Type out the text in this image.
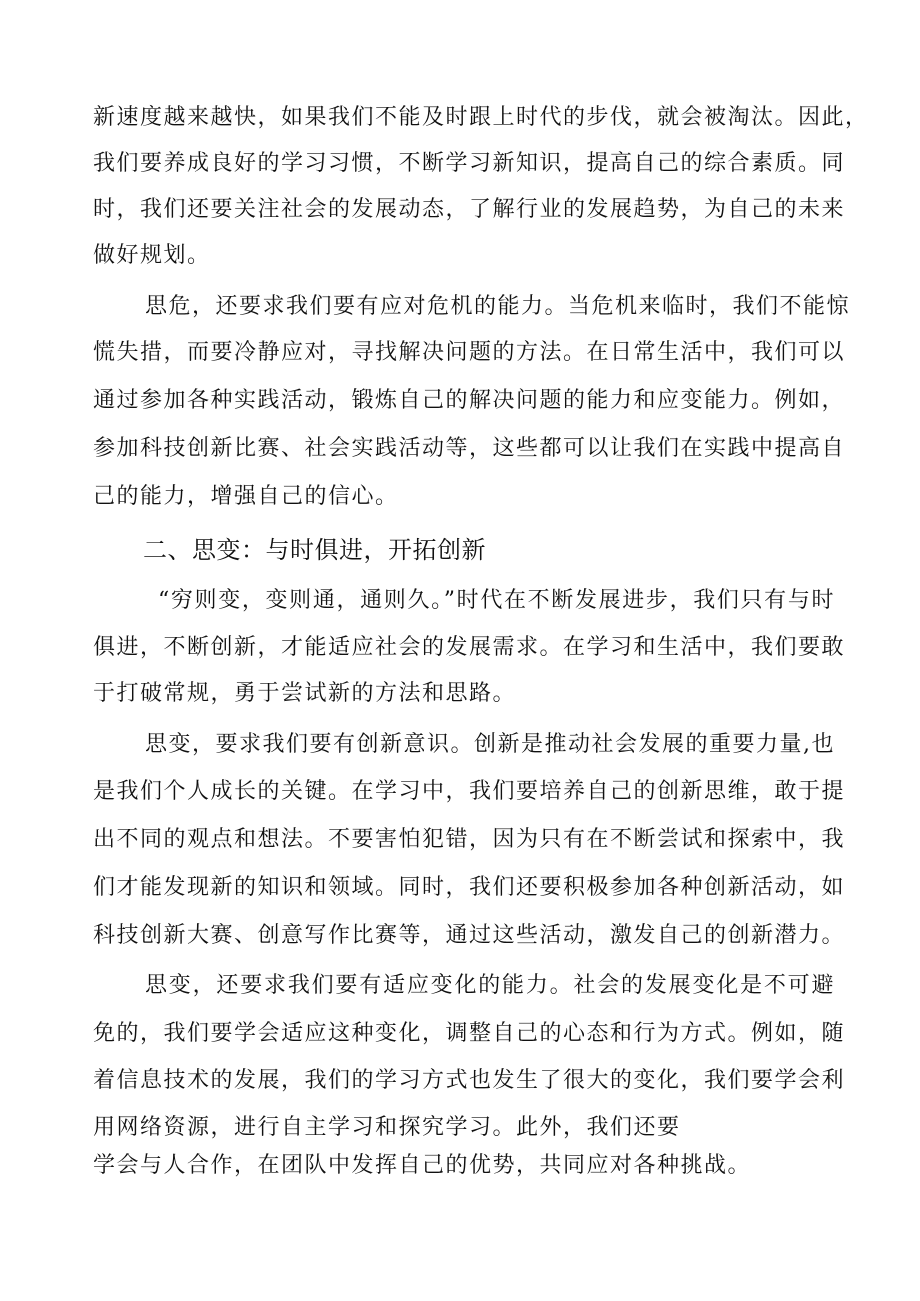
新速度越来越快，如果我们不能及时跟上时代的步伐，就会被淘汰。因此，
我们要养成良好的学习习惯，不断学习新知识，提高自己的综合素质。同
时，我们还要关注社会的发展动态，了解行业的发展趋势，为自己的未来
做好规划。
思危，还要求我们要有应对危机的能力。当危机来临时，我们不能惊
慌失措，而要冷静应对，寻找解决问题的方法。在日常生活中，我们可以
通过参加各种实践活动，锻炼自己的解决问题的能力和应变能力。例如，
参加科技创新比赛、社会实践活动等，这些都可以让我们在实践中提高自
己的能力，增强自己的信心。
二、思变：与时俱进，开拓创新
“穷则变，变则通，通则久。”时代在不断发展进步，我们只有与时
俱进，不断创新，才能适应社会的发展需求。在学习和生活中，我们要敢
于打破常规，勇于尝试新的方法和思路。
思变，要求我们要有创新意识。创新是推动社会发展的重要力量,也
是我们个人成长的关键。在学习中，我们要培养自己的创新思维，敢于提
出不同的观点和想法。不要害怕犯错，因为只有在不断尝试和探索中，我
们才能发现新的知识和领域。同时，我们还要积极参加各种创新活动，如
科技创新大赛、创意写作比赛等，通过这些活动，激发自己的创新潜力。
思变，还要求我们要有适应变化的能力。社会的发展变化是不可避
免的，我们要学会适应这种变化，调整自己的心态和行为方式。例如，随
着信息技术的发展，我们的学习方式也发生了很大的变化，我们要学会利
用网络资源，进行自主学习和探究学习。此外，我们还要
学会与人合作，在团队中发挥自己的优势，共同应对各种挑战。
